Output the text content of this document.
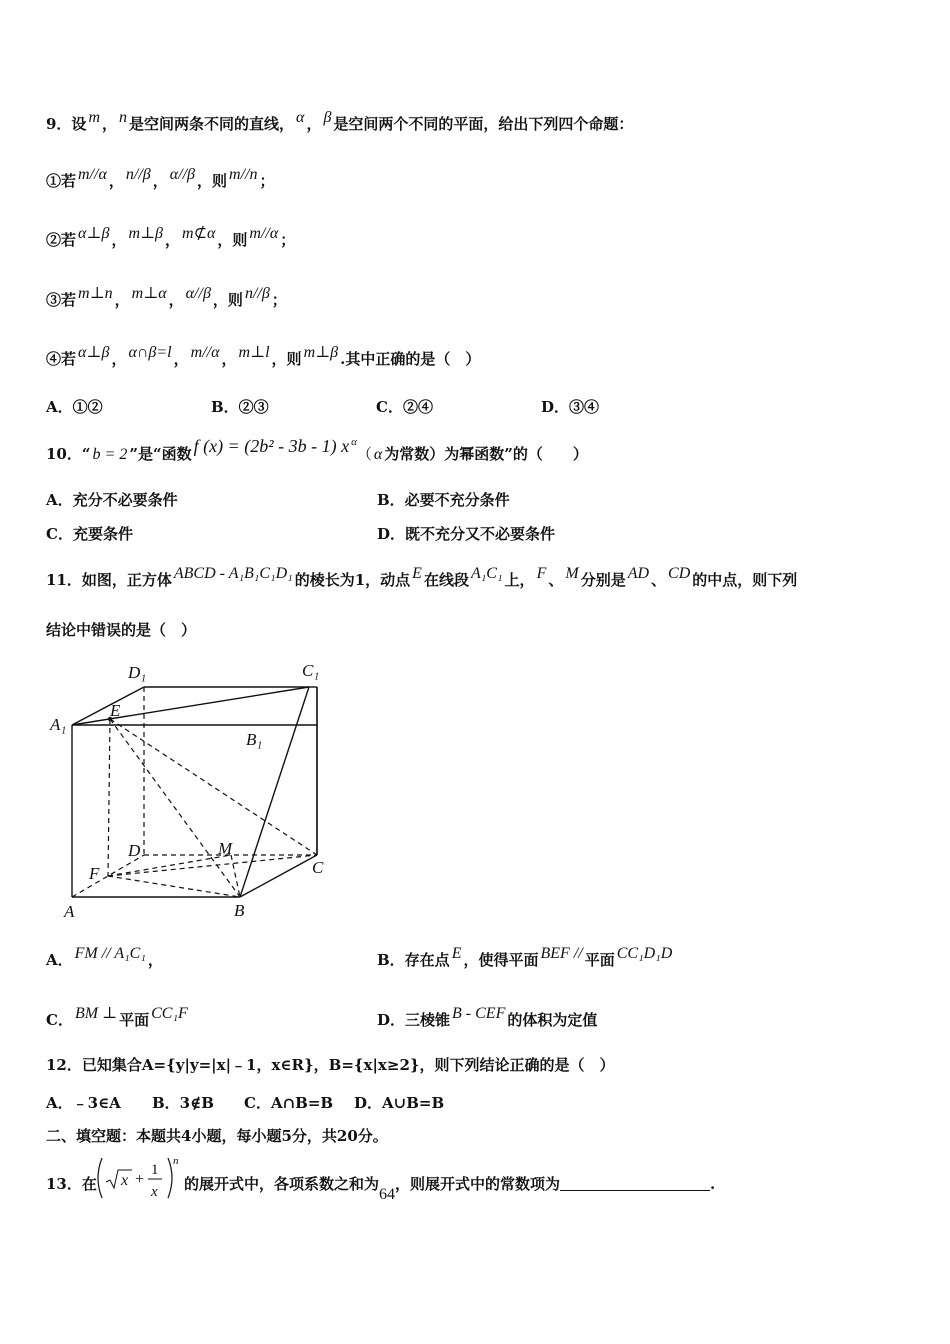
9．设 m ， n 是空间两条不同的直线， α ， β 是空间两个不同的平面，给出下列四个命题：
①若 m//α ， n//β ， α//β ，则 m//n ；
②若 α⊥β ， m⊥β ， m⊄α ，则 m//α ；
③若 m⊥n ， m⊥α ， α//β ，则 n//β ；
④若 α⊥β ， α∩β=l ， m//α ， m⊥l ，则 m⊥β .其中正确的是（　）
A．①②	B．②③	C．②④	D．③④
10．“ b = 2 ”是“函数 f (x) = (2b² - 3b - 1) x $^\alpha$（ α 为常数）为幂函数”的（　　）
A．充分不必要条件	B．必要不充分条件
C．充要条件	D．既不充分又不必要条件
11．如图，正方体 ABCD - A₁B₁C₁D₁ 的棱长为1，动点 E 在线段 A₁C₁ 上， F 、 M 分别是 AD 、 CD 的中点，则下列
结论中错误的是（　）
D₁	C₁
A₁
E
B₁
D	M
F	C
A	B
A． FM // A₁C₁ ，	B．存在点 E ，使得平面 BEF // 平面 CC₁D₁D
C． BM ⊥ 平面 CC₁F	D．三棱锥 B - CEF 的体积为定值
12．已知集合A={y|y=|x|﹣1，x∈R}，B={x|x≥2}，则下列结论正确的是（　）
A．﹣3∈A B．3∉B C．A∩B=B D．A∪B=B
二、填空题：本题共4小题，每小题5分，共20分。
13．在 x +
1
x
n
的展开式中，各项系数之和为64，则展开式中的常数项为	.
